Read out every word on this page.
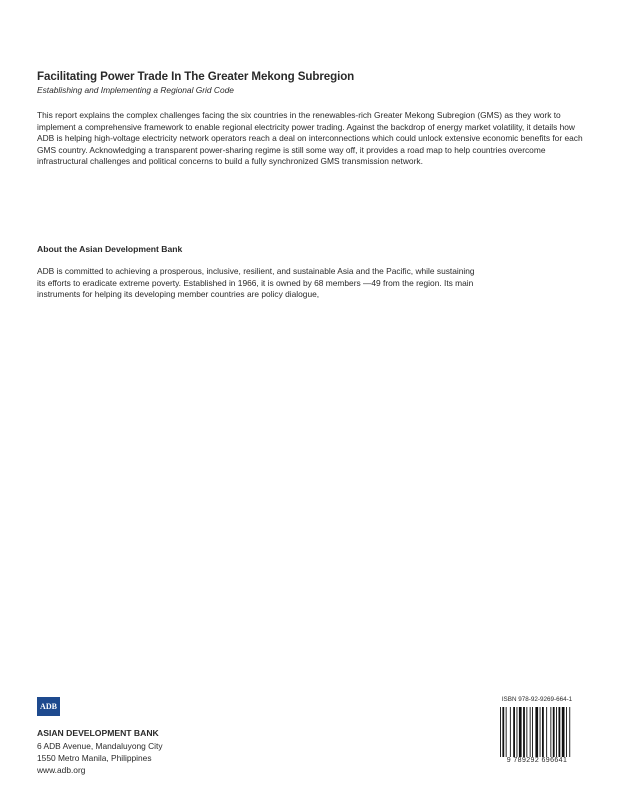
Facilitating Power Trade In The Greater Mekong Subregion

Establishing and Implementing a Regional Grid Code

This report explains the complex challenges facing the six countries in the renewables-rich Greater Mekong Subregion (GMS) as they work to implement a comprehensive framework to enable regional electricity power trading. Against the backdrop of energy market volatility, it details how ADB is helping high-voltage electricity network operators reach a deal on interconnections which could unlock extensive economic benefits for each GMS country. Acknowledging a transparent power-sharing regime is still some way off, it provides a road map to help countries overcome infrastructural challenges and political concerns to build a fully synchronized GMS transmission network.

About the Asian Development Bank

ADB is committed to achieving a prosperous, inclusive, resilient, and sustainable Asia and the Pacific, while sustaining its efforts to eradicate extreme poverty. Established in 1966, it is owned by 68 members —49 from the region. Its main instruments for helping its developing member countries are policy dialogue,

ADB

ASIAN DEVELOPMENT BANK

6 ADB Avenue, Mandaluyong City

1550 Metro Manila, Philippines

www.adb.org

ISBN 978-92-9269-664-1

9 789292 696641
